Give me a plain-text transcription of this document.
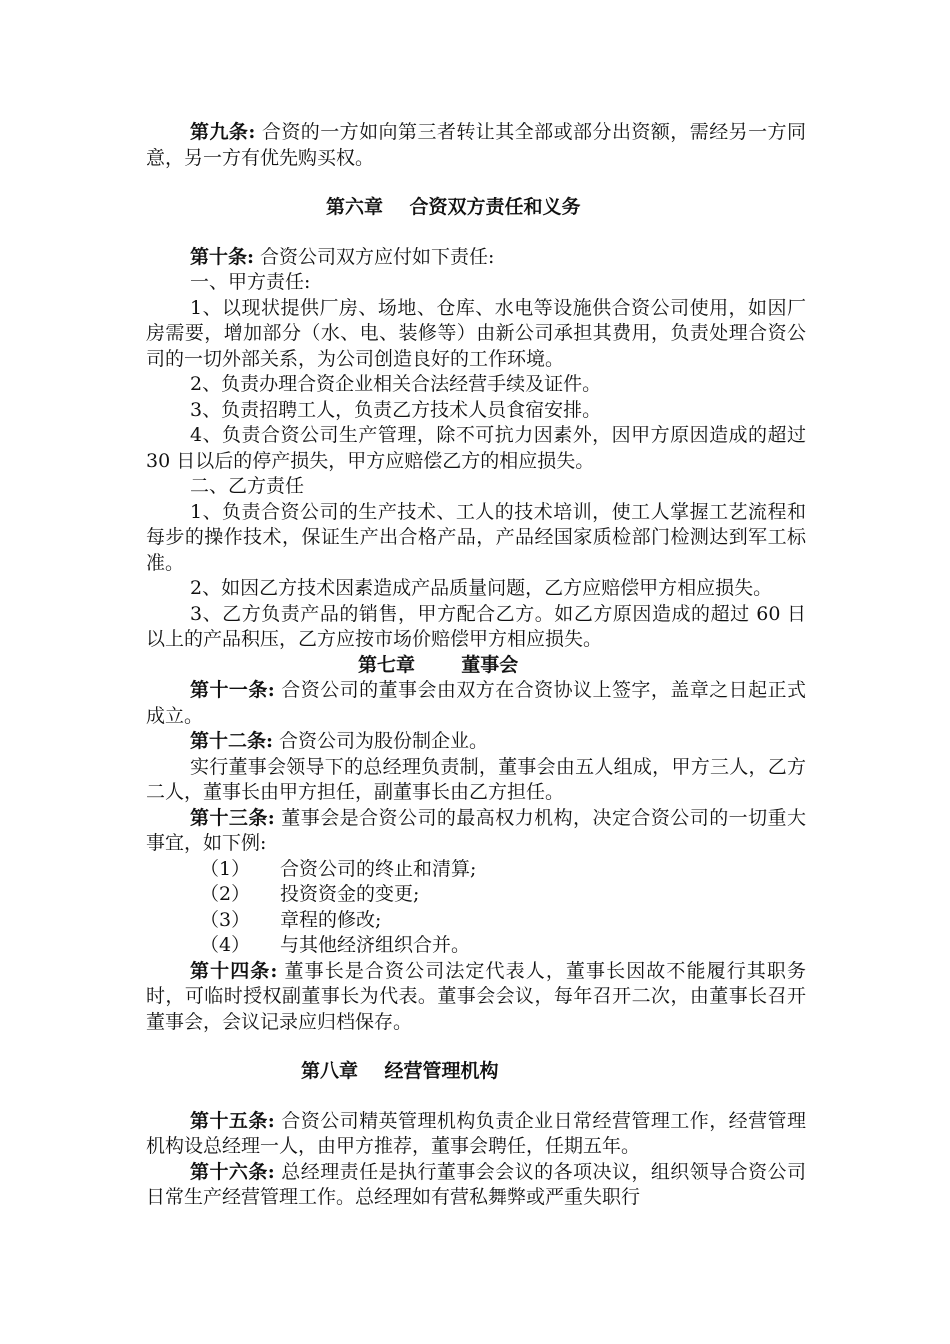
第九条: 合资的一方如向第三者转让其全部或部分出资额，需经另一方同意，另一方有优先购买权。
第六章    合资双方责任和义务
第十条: 合资公司双方应付如下责任:
一、甲方责任:
1、以现状提供厂房、场地、仓库、水电等设施供合资公司使用，如因厂房需要，增加部分（水、电、装修等）由新公司承担其费用，负责处理合资公司的一切外部关系，为公司创造良好的工作环境。
2、负责办理合资企业相关合法经营手续及证件。
3、负责招聘工人，负责乙方技术人员食宿安排。
4、负责合资公司生产管理，除不可抗力因素外，因甲方原因造成的超过 30 日以后的停产损失，甲方应赔偿乙方的相应损失。
二、乙方责任
1、负责合资公司的生产技术、工人的技术培训，使工人掌握工艺流程和每步的操作技术，保证生产出合格产品，产品经国家质检部门检测达到军工标准。
2、如因乙方技术因素造成产品质量问题，乙方应赔偿甲方相应损失。
3、乙方负责产品的销售，甲方配合乙方。如乙方原因造成的超过 60 日以上的产品积压，乙方应按市场价赔偿甲方相应损失。
第七章       董事会
第十一条: 合资公司的董事会由双方在合资协议上签字，盖章之日起正式成立。
第十二条: 合资公司为股份制企业。
实行董事会领导下的总经理负责制，董事会由五人组成，甲方三人，乙方二人，董事长由甲方担任，副董事长由乙方担任。
第十三条: 董事会是合资公司的最高权力机构，决定合资公司的一切重大事宜，如下例:
（1）	合资公司的终止和清算;
（2）	投资资金的变更;
（3）	章程的修改;
（4）	与其他经济组织合并。
第十四条: 董事长是合资公司法定代表人，董事长因故不能履行其职务时，可临时授权副董事长为代表。董事会会议，每年召开二次，由董事长召开董事会，会议记录应归档保存。
第八章    经营管理机构
第十五条: 合资公司精英管理机构负责企业日常经营管理工作，经营管理机构设总经理一人，由甲方推荐，董事会聘任，任期五年。
第十六条: 总经理责任是执行董事会会议的各项决议，组织领导合资公司日常生产经营管理工作。总经理如有营私舞弊或严重失职行
